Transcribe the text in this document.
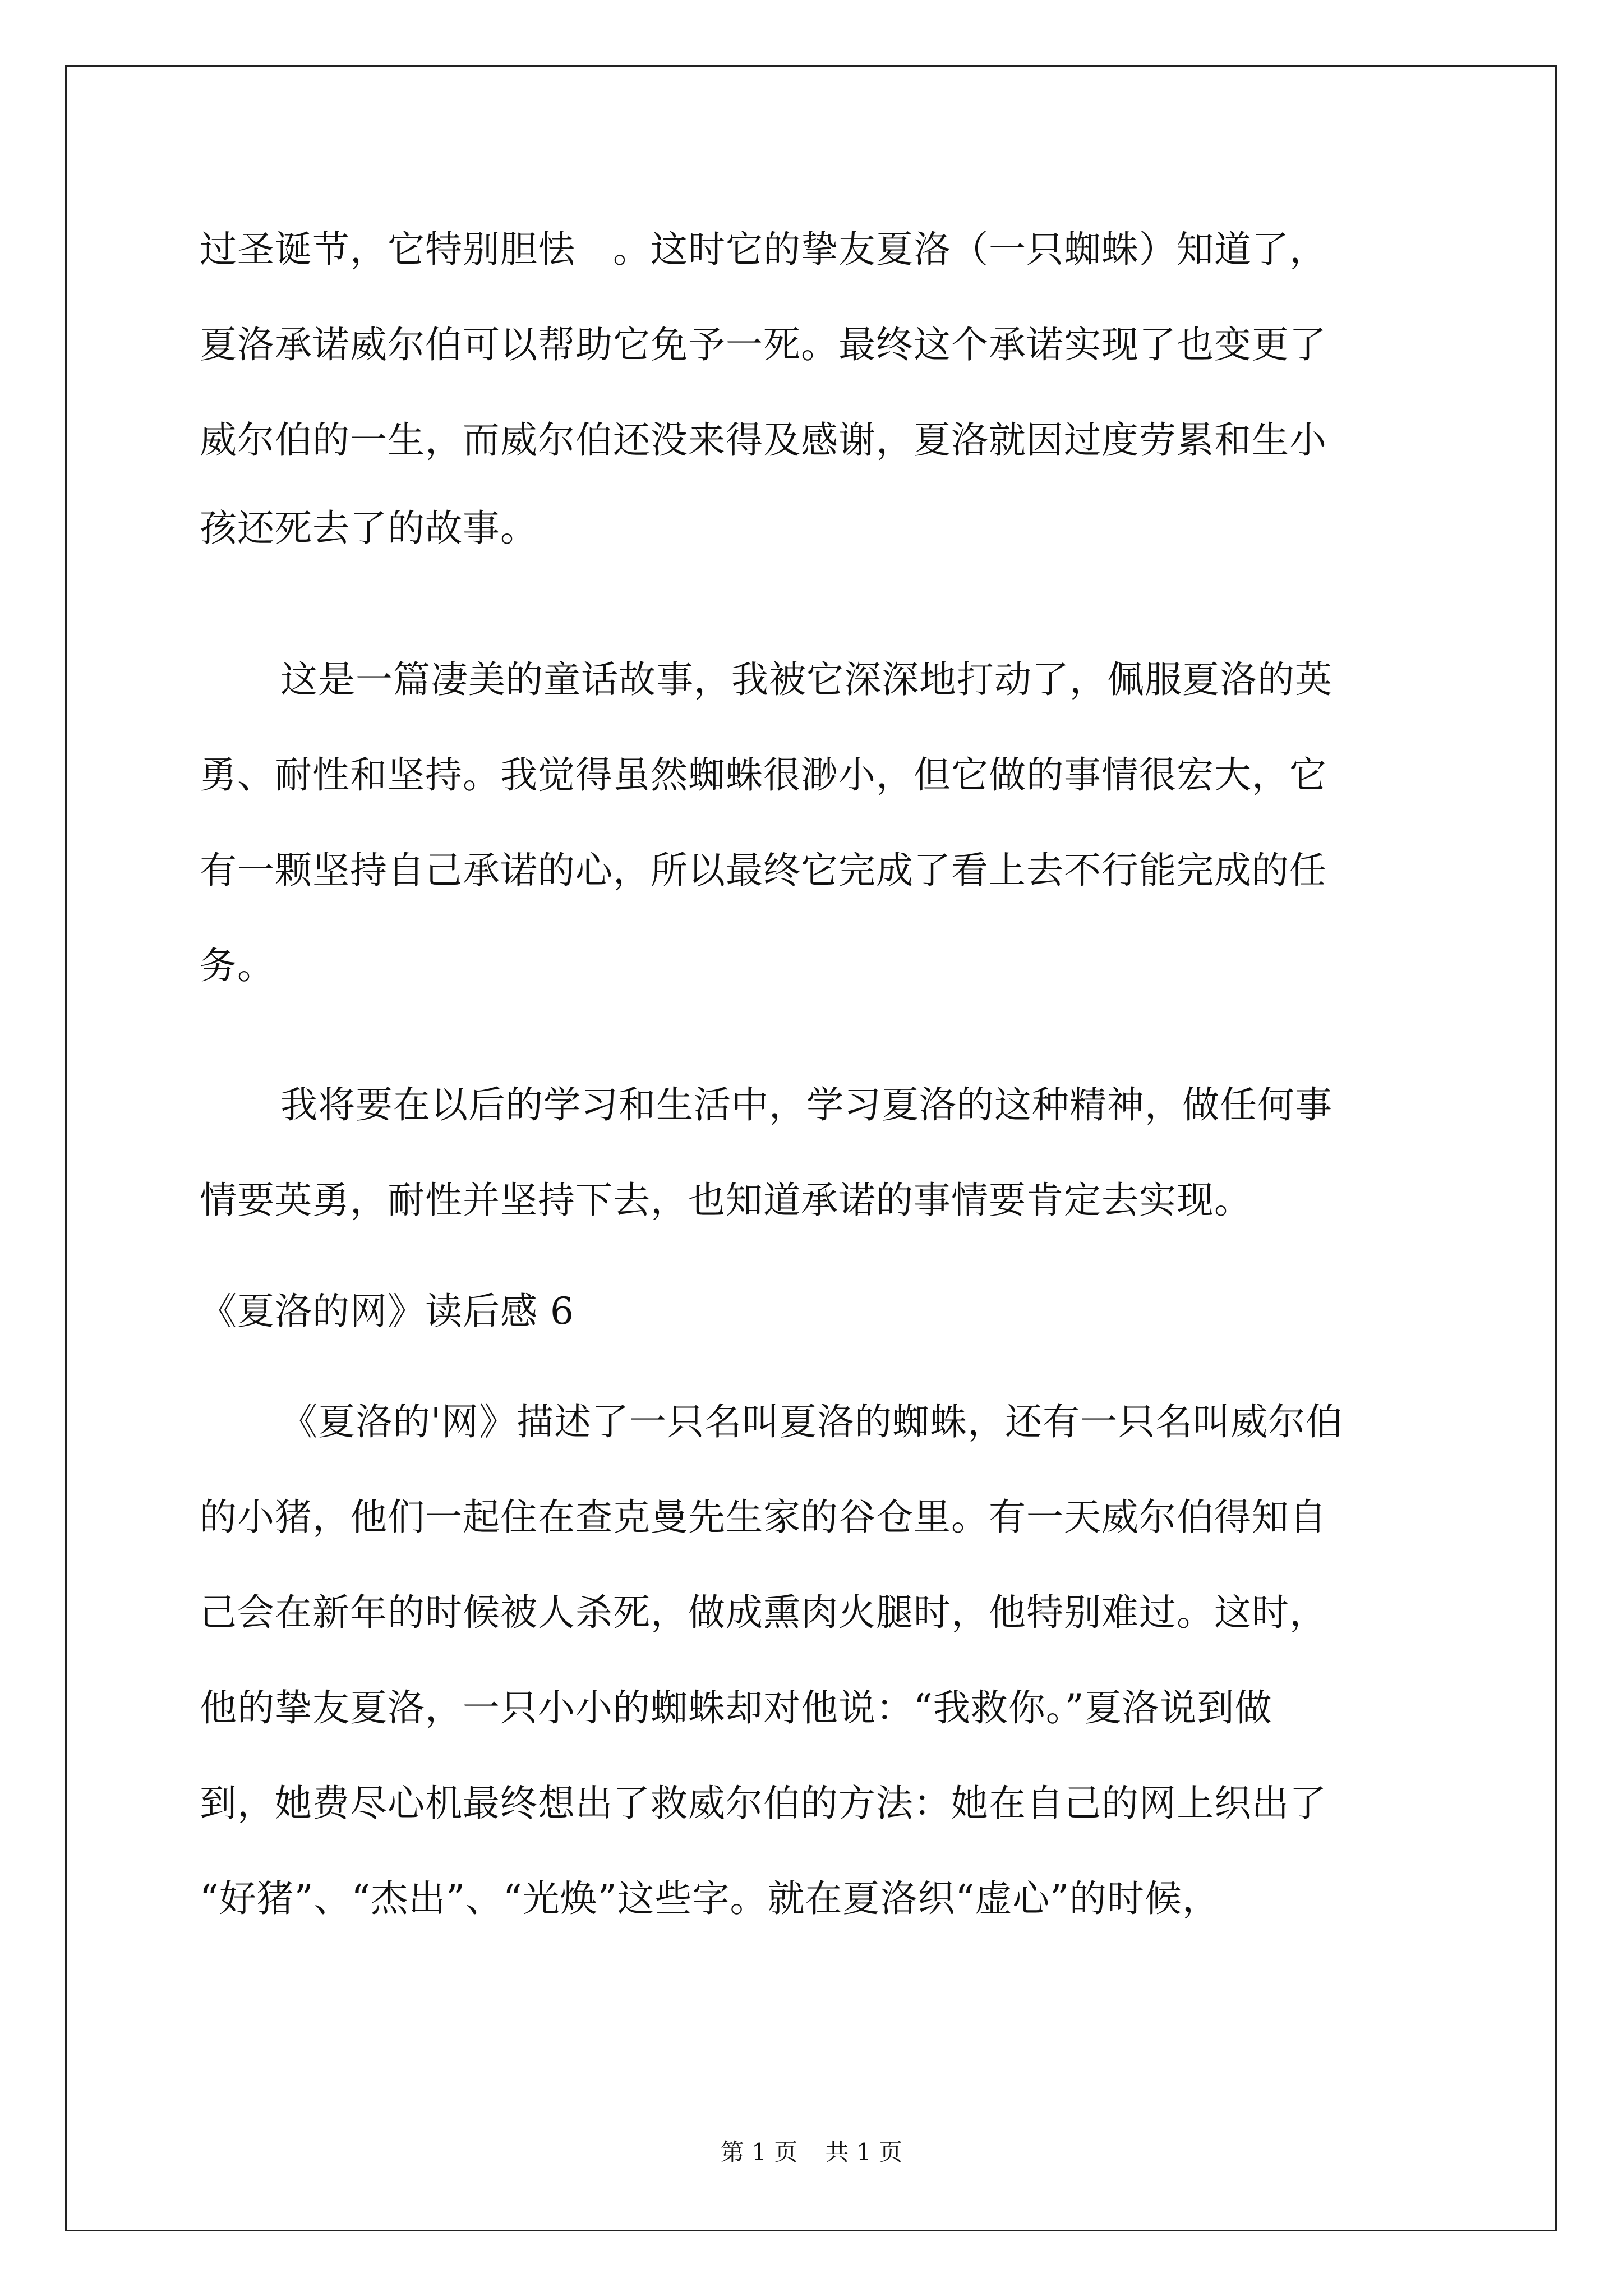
过圣诞节，它特别胆怯　。这时它的挚友夏洛（一只蜘蛛）知道了，
夏洛承诺威尔伯可以帮助它免予一死。最终这个承诺实现了也变更了
威尔伯的一生，而威尔伯还没来得及感谢，夏洛就因过度劳累和生小
孩还死去了的故事。
这是一篇凄美的童话故事，我被它深深地打动了，佩服夏洛的英
勇、耐性和坚持。我觉得虽然蜘蛛很渺小，但它做的事情很宏大，它
有一颗坚持自己承诺的心，所以最终它完成了看上去不行能完成的任
务。
我将要在以后的学习和生活中，学习夏洛的这种精神，做任何事
情要英勇，耐性并坚持下去，也知道承诺的事情要肯定去实现。
《夏洛的网》读后感 6
《夏洛的'网》描述了一只名叫夏洛的蜘蛛，还有一只名叫威尔伯
的小猪，他们一起住在查克曼先生家的谷仓里。有一天威尔伯得知自
己会在新年的时候被人杀死，做成熏肉火腿时，他特别难过。这时，
他的挚友夏洛，一只小小的蜘蛛却对他说：“我救你。”夏洛说到做
到，她费尽心机最终想出了救威尔伯的方法：她在自己的网上织出了
“好猪”、“杰出”、“光焕”这些字。就在夏洛织“虚心”的时候，
第 1 页 共 1 页
